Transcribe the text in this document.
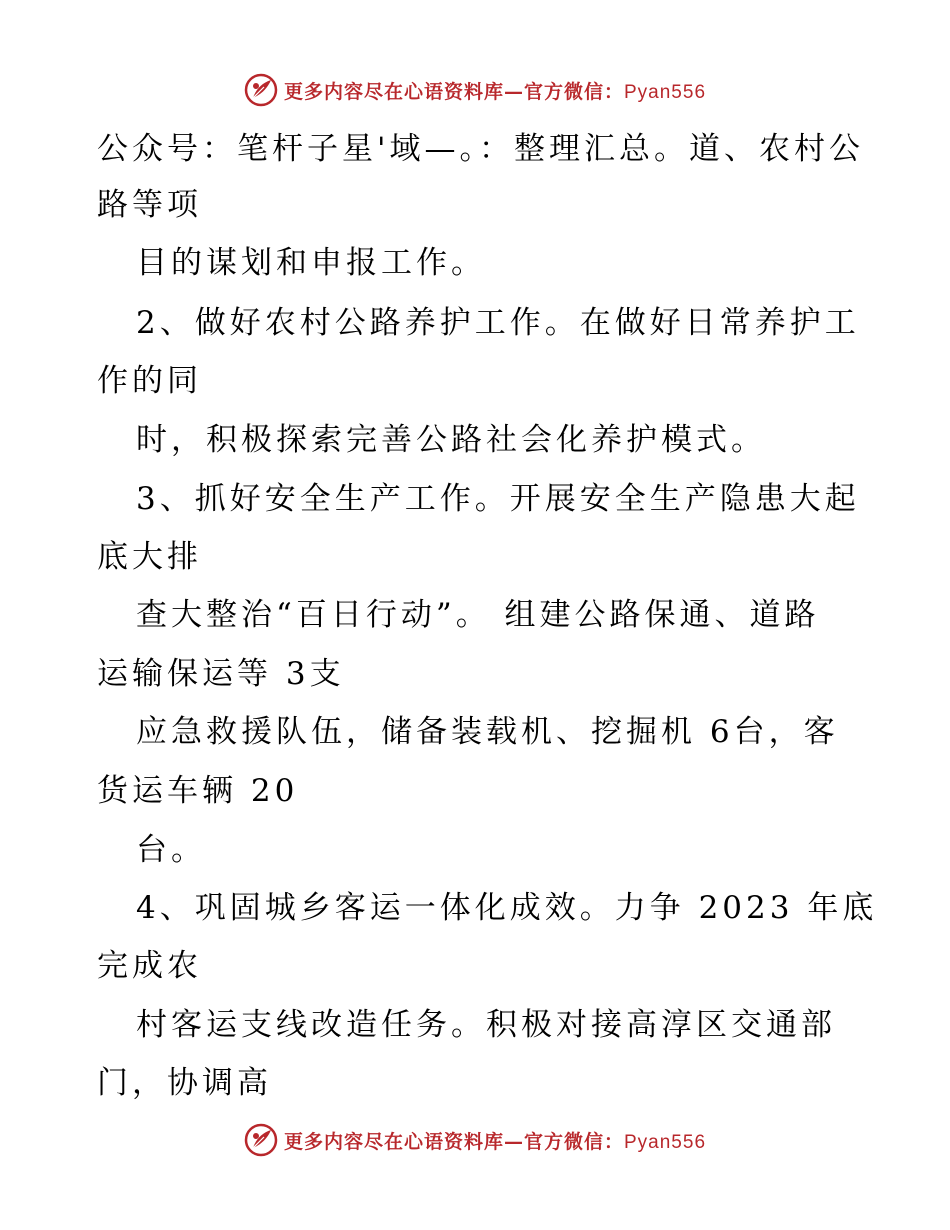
更多内容尽在心语资料库—官方微信：Pyan556
公众号：笔杆子星'域—。：整理汇总。道、农村公
路等项
目的谋划和申报工作。
2、做好农村公路养护工作。在做好日常养护工
作的同
时，积极探索完善公路社会化养护模式。
3、抓好安全生产工作。开展安全生产隐患大起
底大排
查大整治“百日行动”。 组建公路保通、道路
运输保运等 3支
应急救援队伍，储备装载机、挖掘机 6台，客
货运车辆 20
台。
4、巩固城乡客运一体化成效。力争 2023 年底
完成农
村客运支线改造任务。积极对接高淳区交通部
门，协调高
更多内容尽在心语资料库—官方微信：Pyan556
